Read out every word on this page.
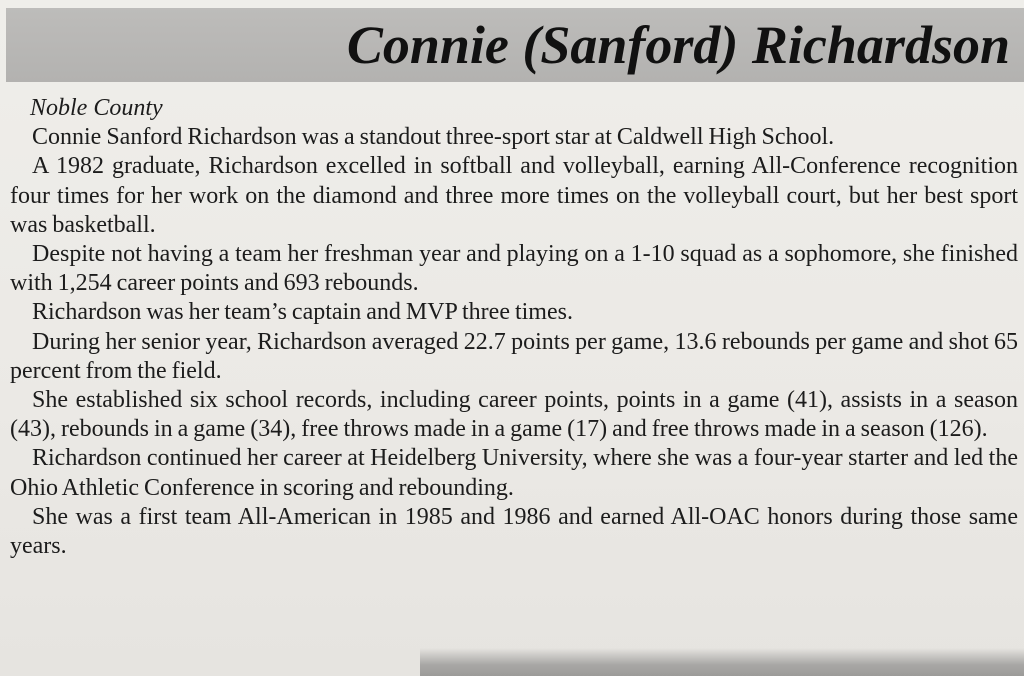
Connie (Sanford) Richardson

Noble County

Connie Sanford Richardson was a standout three-sport star at Caldwell High School.

A 1982 graduate, Richardson excelled in softball and volleyball, earning All-Conference recognition four times for her work on the diamond and three more times on the volleyball court, but her best sport was basketball.

Despite not having a team her freshman year and playing on a 1-10 squad as a sophomore, she finished with 1,254 career points and 693 rebounds.

Richardson was her team’s captain and MVP three times.

During her senior year, Richardson averaged 22.7 points per game, 13.6 rebounds per game and shot 65 percent from the field.

She established six school records, including career points, points in a game (41), assists in a season (43), rebounds in a game (34), free throws made in a game (17) and free throws made in a season (126).

Richardson continued her career at Heidelberg University, where she was a four-year starter and led the Ohio Athletic Conference in scoring and rebounding.

She was a first team All-American in 1985 and 1986 and earned All-OAC honors during those same years.
